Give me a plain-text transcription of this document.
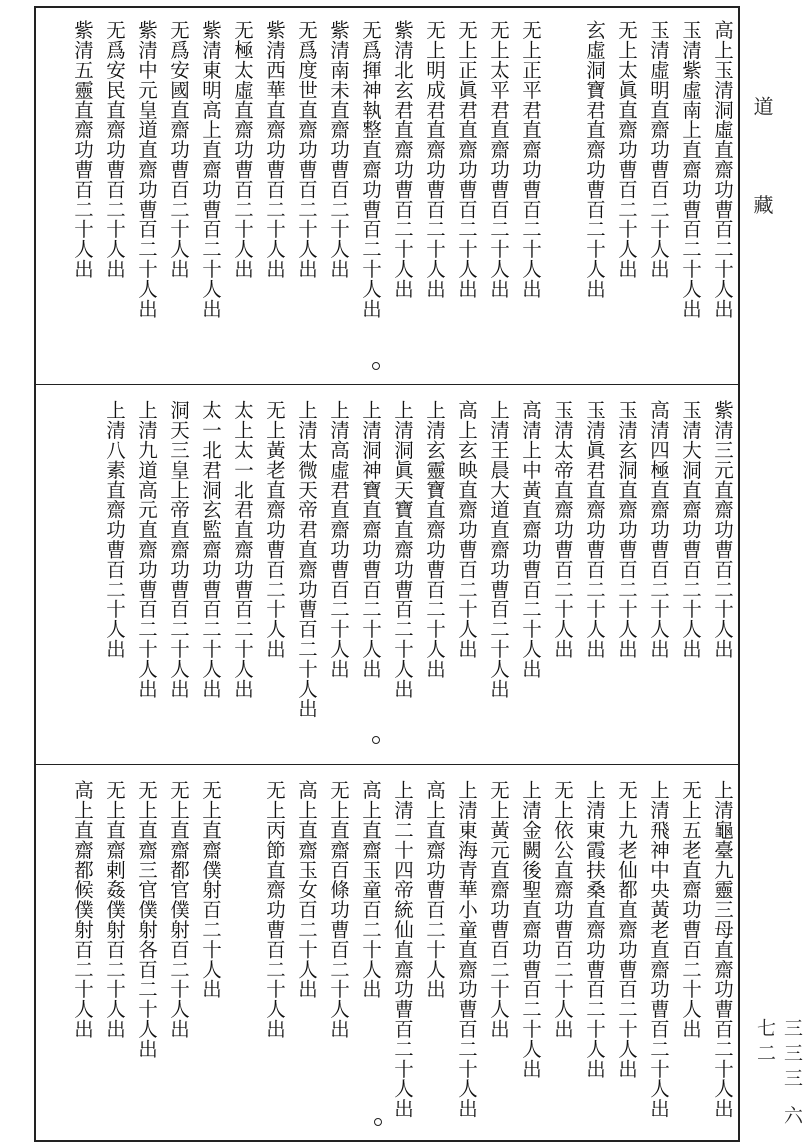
高上玉清洞虛直齋功曹百二十人出
玉清紫虛南上直齋功曹百二十人出
玉清虛明直齋功曹百二十人出
无上太眞直齋功曹百二十人出
玄虛洞寶君直齋功曹百二十人出
无上正平君直齋功曹百二十人出
无上太平君直齋功曹百二十人出
无上正眞君直齋功曹百二十人出
无上明成君直齋功曹百二十人出
紫清北玄君直齋功曹百二十人出
无爲揮神執整直齋功曹百二十人出
紫清南未直齋功曹百二十人出
无爲度世直齋功曹百二十人出
紫清西華直齋功曹百二十人出
无極太虛直齋功曹百二十人出
紫清東明高上直齋功曹百二十人出
无爲安國直齋功曹百二十人出
紫清中元皇道直齋功曹百二十人出
无爲安民直齋功曹百二十人出
紫清五靈直齋功曹百二十人出
紫清三元直齋功曹百二十人出
玉清大洞直齋功曹百二十人出
高清四極直齋功曹百二十人出
玉清玄洞直齋功曹百二十人出
玉清眞君直齋功曹百二十人出
玉清太帝直齋功曹百二十人出
高清上中黃直齋功曹百二十人出
上清王晨大道直齋功曹百二十人出
高上玄映直齋功曹百二十人出
上清玄靈寶直齋功曹百二十人出
上清洞眞天寶直齋功曹百二十人出
上清洞神寶直齋功曹百二十人出
上清高虛君直齋功曹百二十人出
上清太微天帝君直齋功曹百二十人出
无上黃老直齋功曹百二十人出
太上太一北君直齋功曹百二十人出
太一北君洞玄監齋功曹百二十人出
洞天三皇上帝直齋功曹百二十人出
上清九道高元直齋功曹百二十人出
上清八素直齋功曹百二十人出
上清龜臺九靈三母直齋功曹百二十人出
无上五老直齋功曹百二十人出
上清飛神中央黃老直齋功曹百二十人出
无上九老仙都直齋功曹百二十人出
上清東霞扶桑直齋功曹百二十人出
无上依公直齋功曹百二十人出
上清金闕後聖直齋功曹百二十人出
无上黃元直齋功曹百二十人出
上清東海青華小童直齋功曹百二十人出
高上直齋功曹百二十人出
上清二十四帝統仙直齋功曹百二十人出
高上直齋玉童百二十人出
无上直齋百條功曹百二十人出
高上直齋玉女百二十人出
无上丙節直齋功曹百二十人出
无上直齋僕射百二十人出
无上直齋都官僕射百二十人出
无上直齋三官僕射各百二十人出
无上直齋剌姦僕射百二十人出
高上直齋都候僕射百二十人出
道 藏
三三三 六七二
